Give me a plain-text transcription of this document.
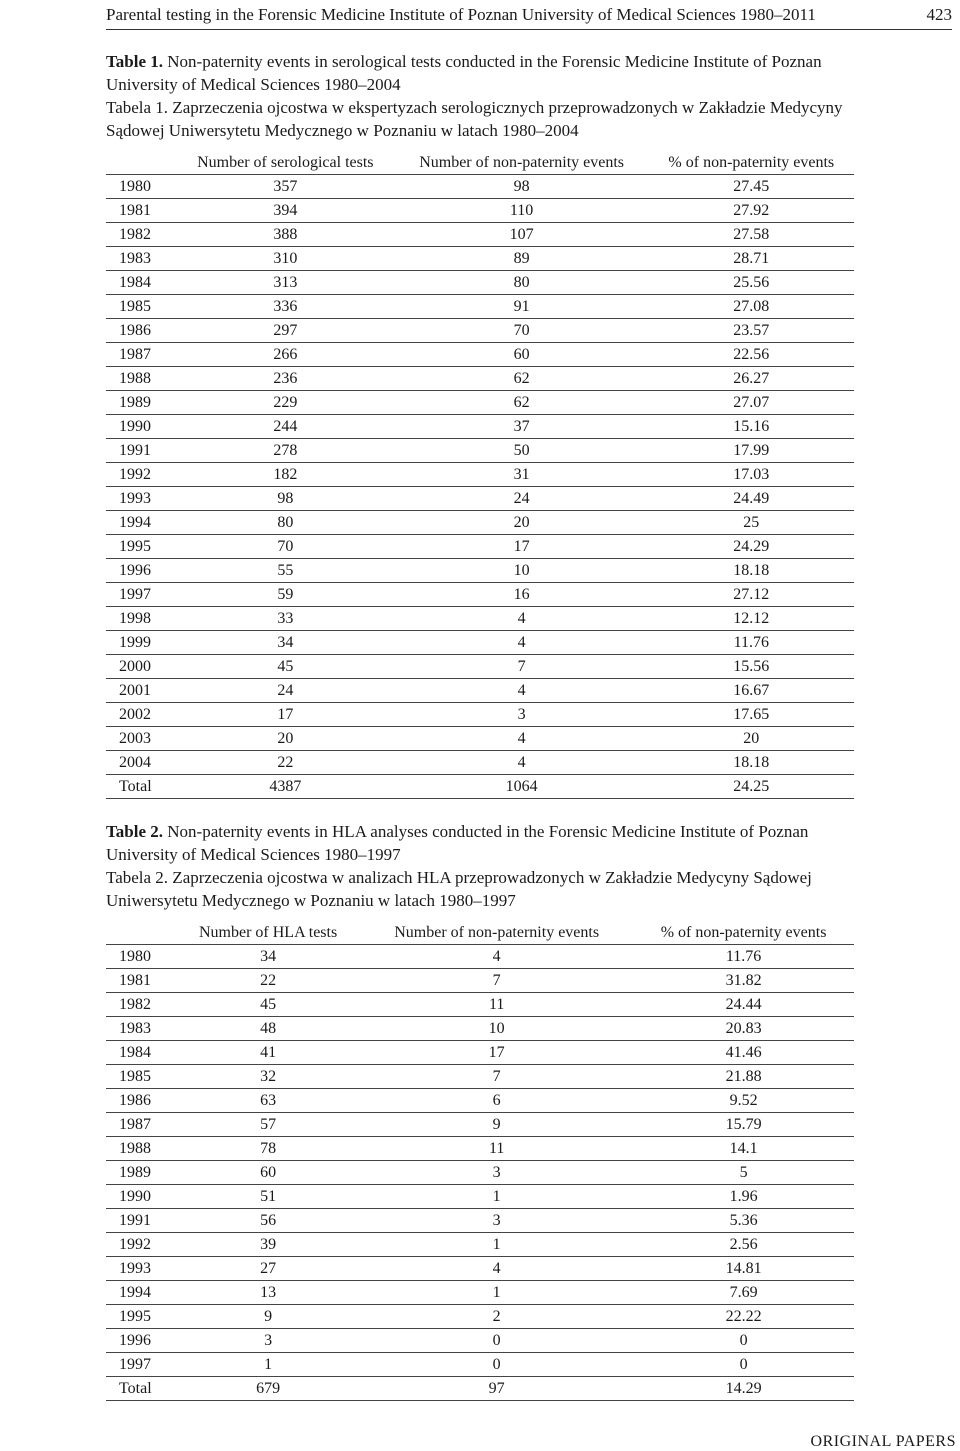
Parental testing in the Forensic Medicine Institute of Poznan University of Medical Sciences 1980–2011	423
Table 1. Non-paternity events in serological tests conducted in the Forensic Medicine Institute of Poznan University of Medical Sciences 1980–2004
Tabela 1. Zaprzeczenia ojcostwa w ekspertyzach serologicznych przeprowadzonych w Zakładzie Medycyny Sądowej Uniwersytetu Medycznego w Poznaniu w latach 1980–2004
	Number of serological tests	Number of non-paternity events	% of non-paternity events
1980	357	98	27.45
1981	394	110	27.92
1982	388	107	27.58
1983	310	89	28.71
1984	313	80	25.56
1985	336	91	27.08
1986	297	70	23.57
1987	266	60	22.56
1988	236	62	26.27
1989	229	62	27.07
1990	244	37	15.16
1991	278	50	17.99
1992	182	31	17.03
1993	98	24	24.49
1994	80	20	25
1995	70	17	24.29
1996	55	10	18.18
1997	59	16	27.12
1998	33	4	12.12
1999	34	4	11.76
2000	45	7	15.56
2001	24	4	16.67
2002	17	3	17.65
2003	20	4	20
2004	22	4	18.18
Total	4387	1064	24.25
Table 2. Non-paternity events in HLA analyses conducted in the Forensic Medicine Institute of Poznan University of Medical Sciences 1980–1997
Tabela 2. Zaprzeczenia ojcostwa w analizach HLA przeprowadzonych w Zakładzie Medycyny Sądowej Uniwersytetu Medycznego w Poznaniu w latach 1980–1997
	Number of HLA tests	Number of non-paternity events	% of non-paternity events
1980	34	4	11.76
1981	22	7	31.82
1982	45	11	24.44
1983	48	10	20.83
1984	41	17	41.46
1985	32	7	21.88
1986	63	6	9.52
1987	57	9	15.79
1988	78	11	14.1
1989	60	3	5
1990	51	1	1.96
1991	56	3	5.36
1992	39	1	2.56
1993	27	4	14.81
1994	13	1	7.69
1995	9	2	22.22
1996	3	0	0
1997	1	0	0
Total	679	97	14.29
ORIGINAL PAPERS
